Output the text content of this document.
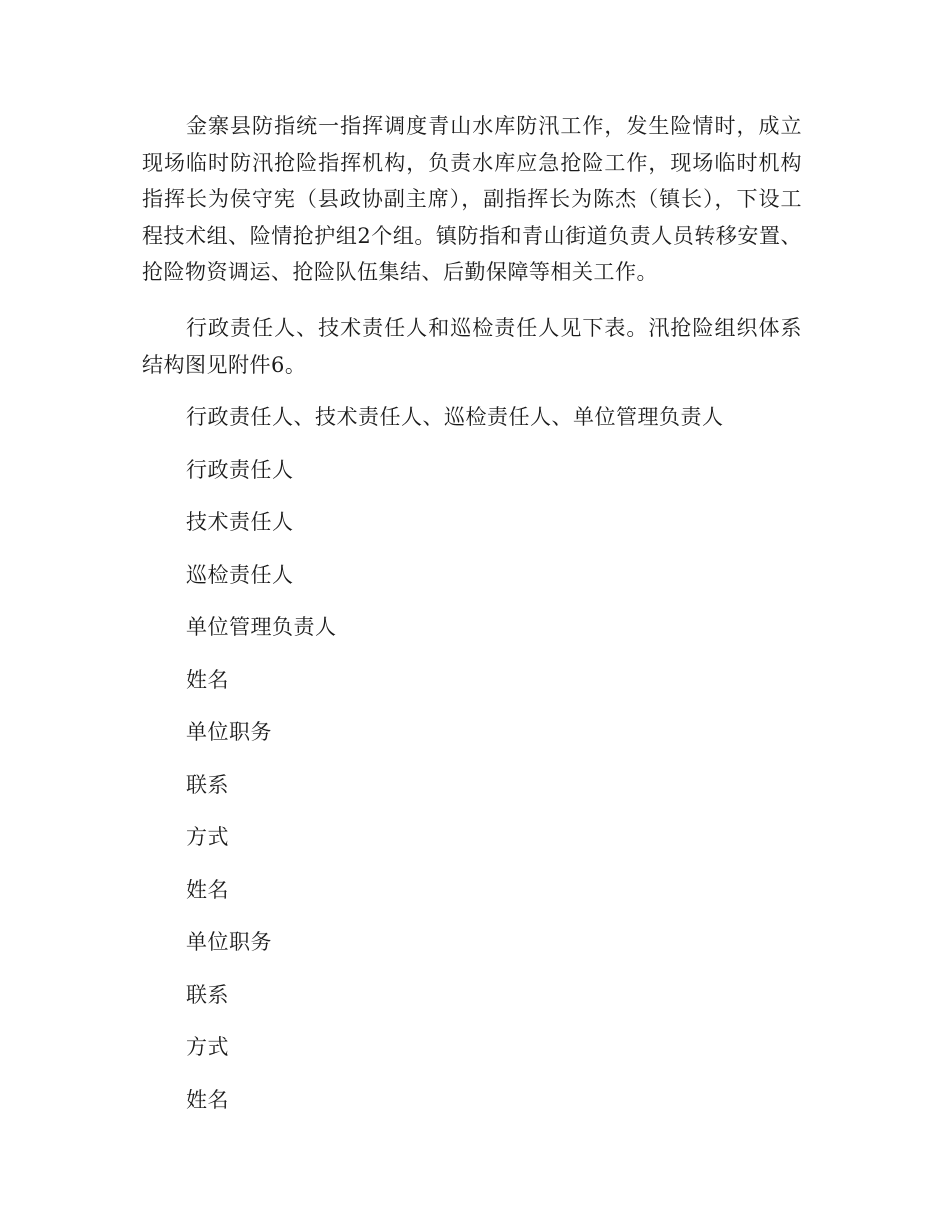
金寨县防指统一指挥调度青山水库防汛工作，发生险情时，成立现场临时防汛抢险指挥机构，负责水库应急抢险工作，现场临时机构指挥长为侯守宪（县政协副主席），副指挥长为陈杰（镇长），下设工程技术组、险情抢护组2个组。镇防指和青山街道负责人员转移安置、抢险物资调运、抢险队伍集结、后勤保障等相关工作。

行政责任人、技术责任人和巡检责任人见下表。汛抢险组织体系结构图见附件6。

行政责任人、技术责任人、巡检责任人、单位管理负责人

行政责任人

技术责任人

巡检责任人

单位管理负责人

姓名

单位职务

联系

方式

姓名

单位职务

联系

方式

姓名
